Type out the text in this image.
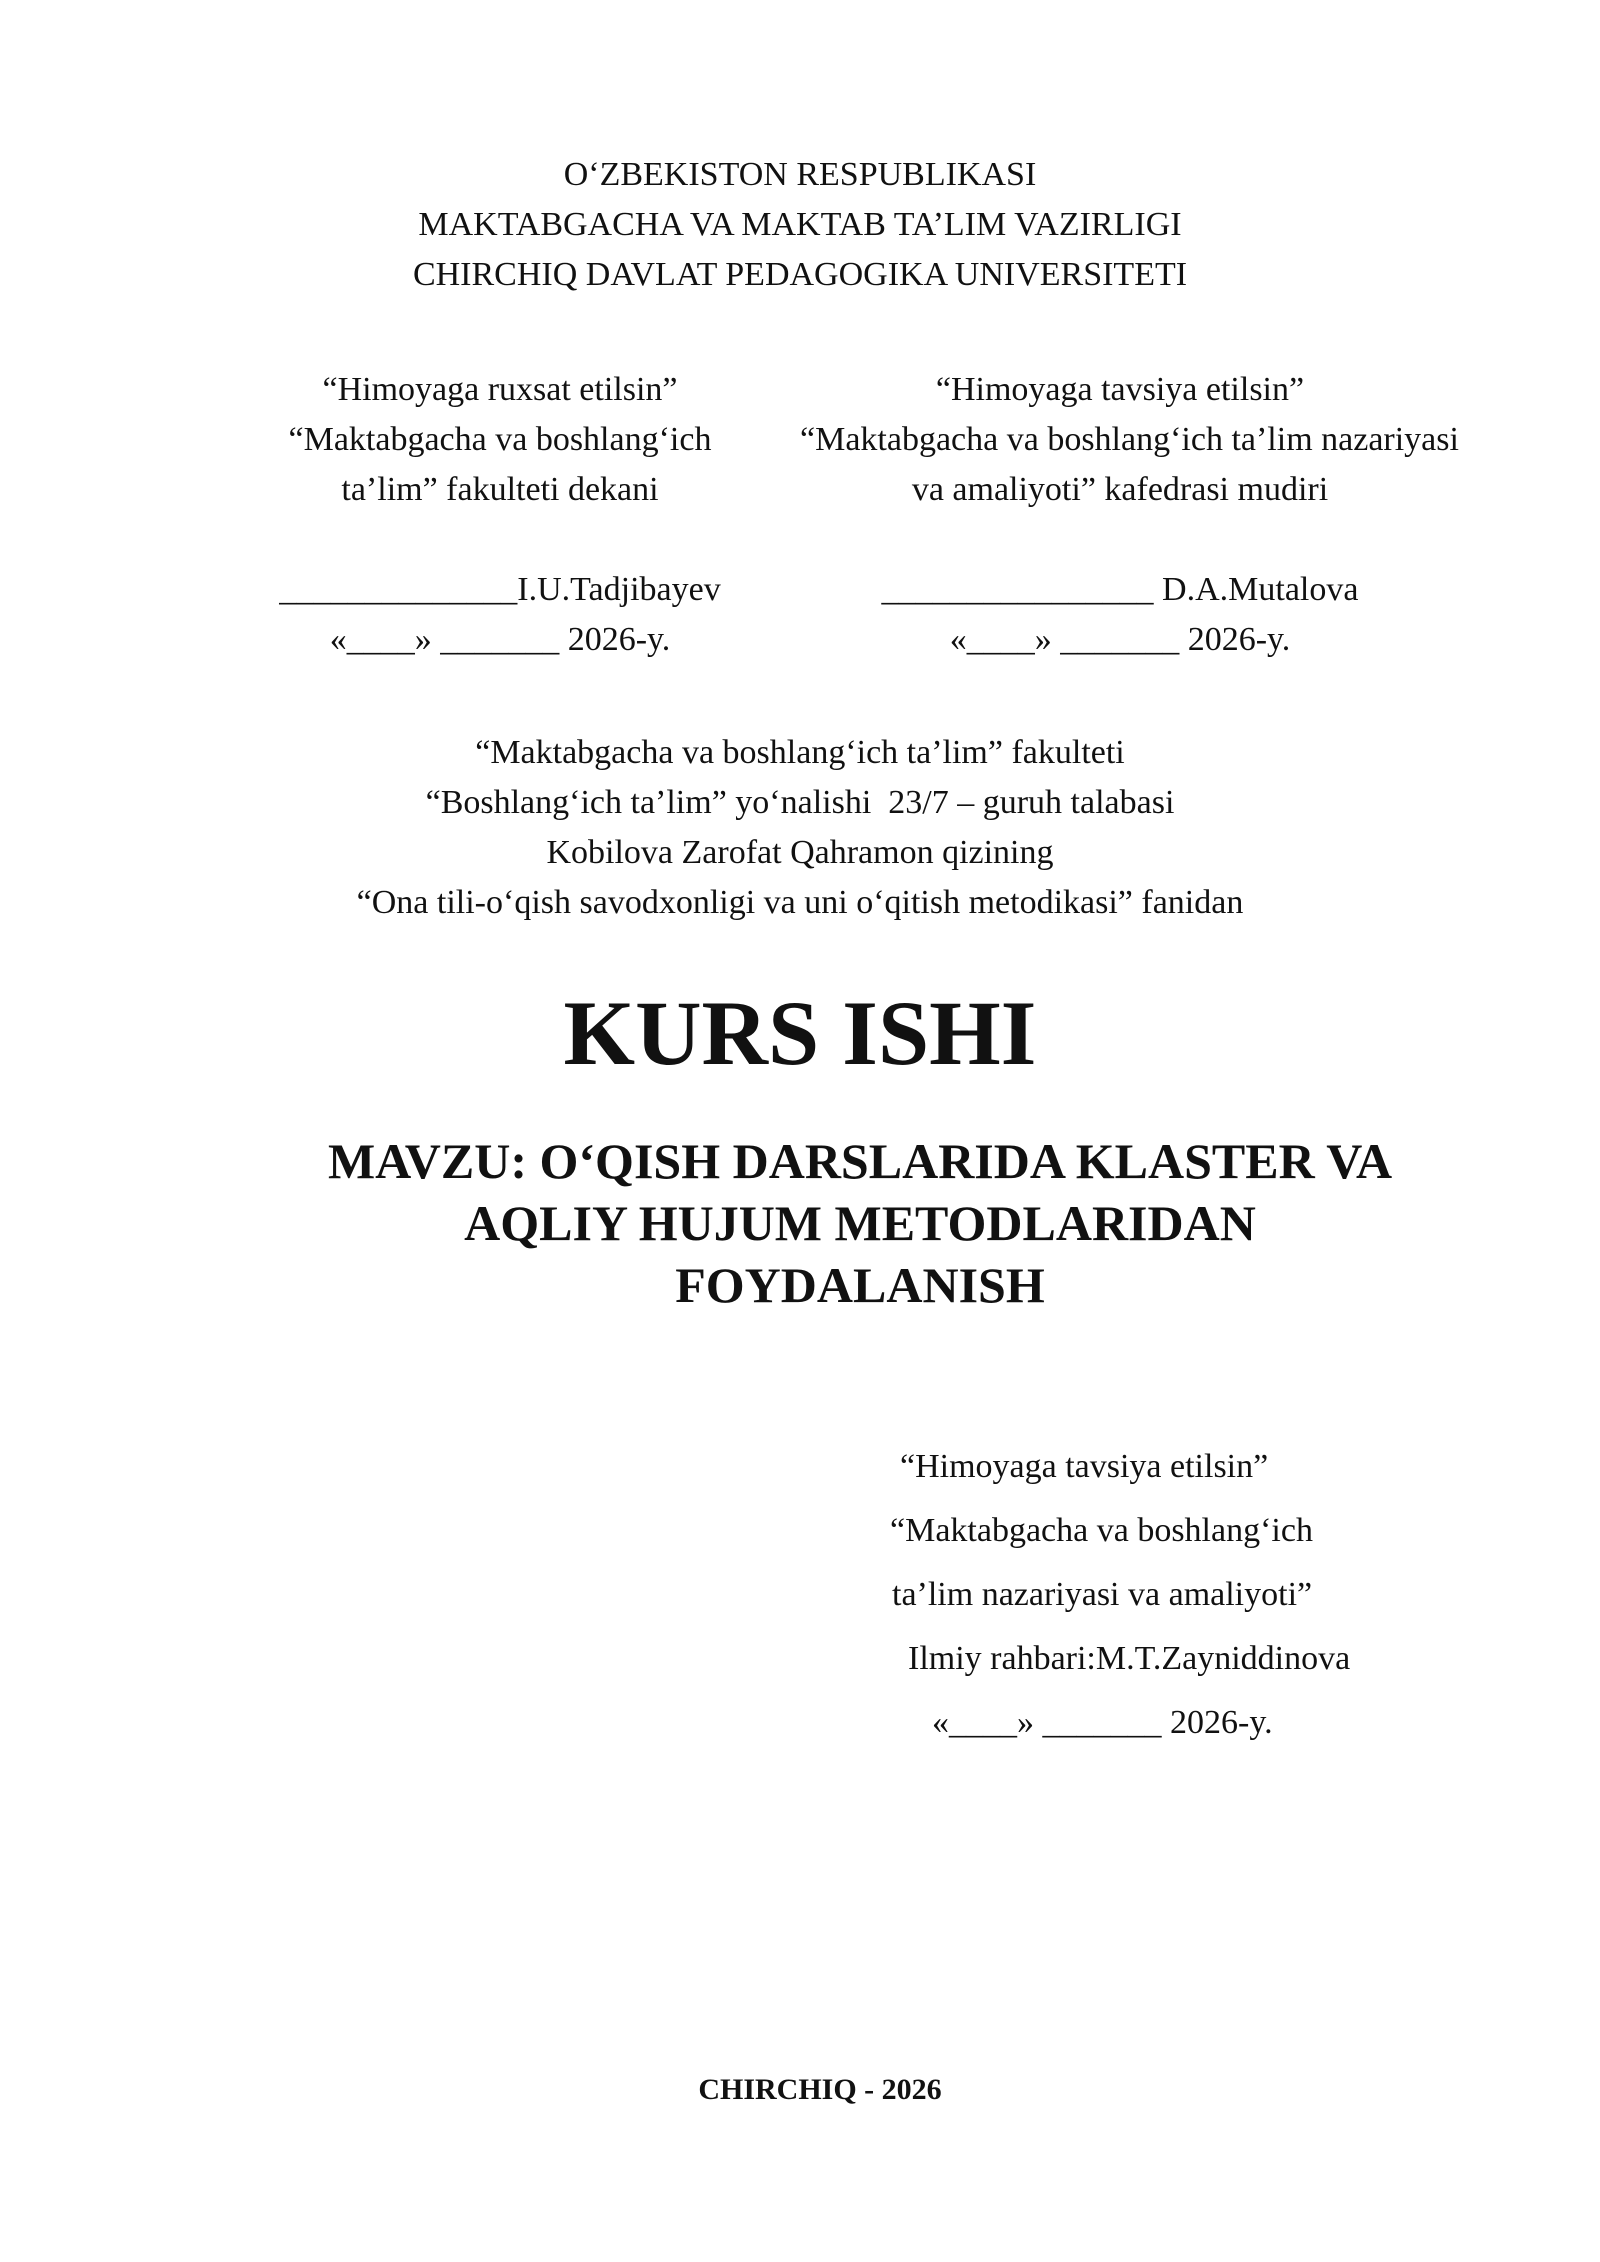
O‘ZBEKISTON RESPUBLIKASI
MAKTABGACHA VA MAKTAB TA’LIM VAZIRLIGI
CHIRCHIQ DAVLAT PEDAGOGIKA UNIVERSITETI
“Himoyaga ruxsat etilsin”
“Maktabgacha va boshlang‘ich
ta’lim” fakulteti dekani
______________I.U.Tadjibayev
«____» _______ 2026-y.
“Himoyaga tavsiya etilsin”
“Maktabgacha va boshlang‘ich ta’lim nazariyasi
va amaliyoti” kafedrasi mudiri
________________ D.A.Mutalova
«____» _______ 2026-y.
“Maktabgacha va boshlang‘ich ta’lim” fakulteti
“Boshlang‘ich ta’lim” yo‘nalishi  23/7 – guruh talabasi
Kobilova Zarofat Qahramon qizining
“Ona tili-o‘qish savodxonligi va uni o‘qitish metodikasi” fanidan
KURS ISHI
MAVZU: O‘QISH DARSLARIDA KLASTER VA
AQLIY HUJUM METODLARIDAN
FOYDALANISH
“Himoyaga tavsiya etilsin”
“Maktabgacha va boshlang‘ich
ta’lim nazariyasi va amaliyoti”
Ilmiy rahbari:M.T.Zayniddinova
«____» _______ 2026-y.
CHIRCHIQ - 2026
